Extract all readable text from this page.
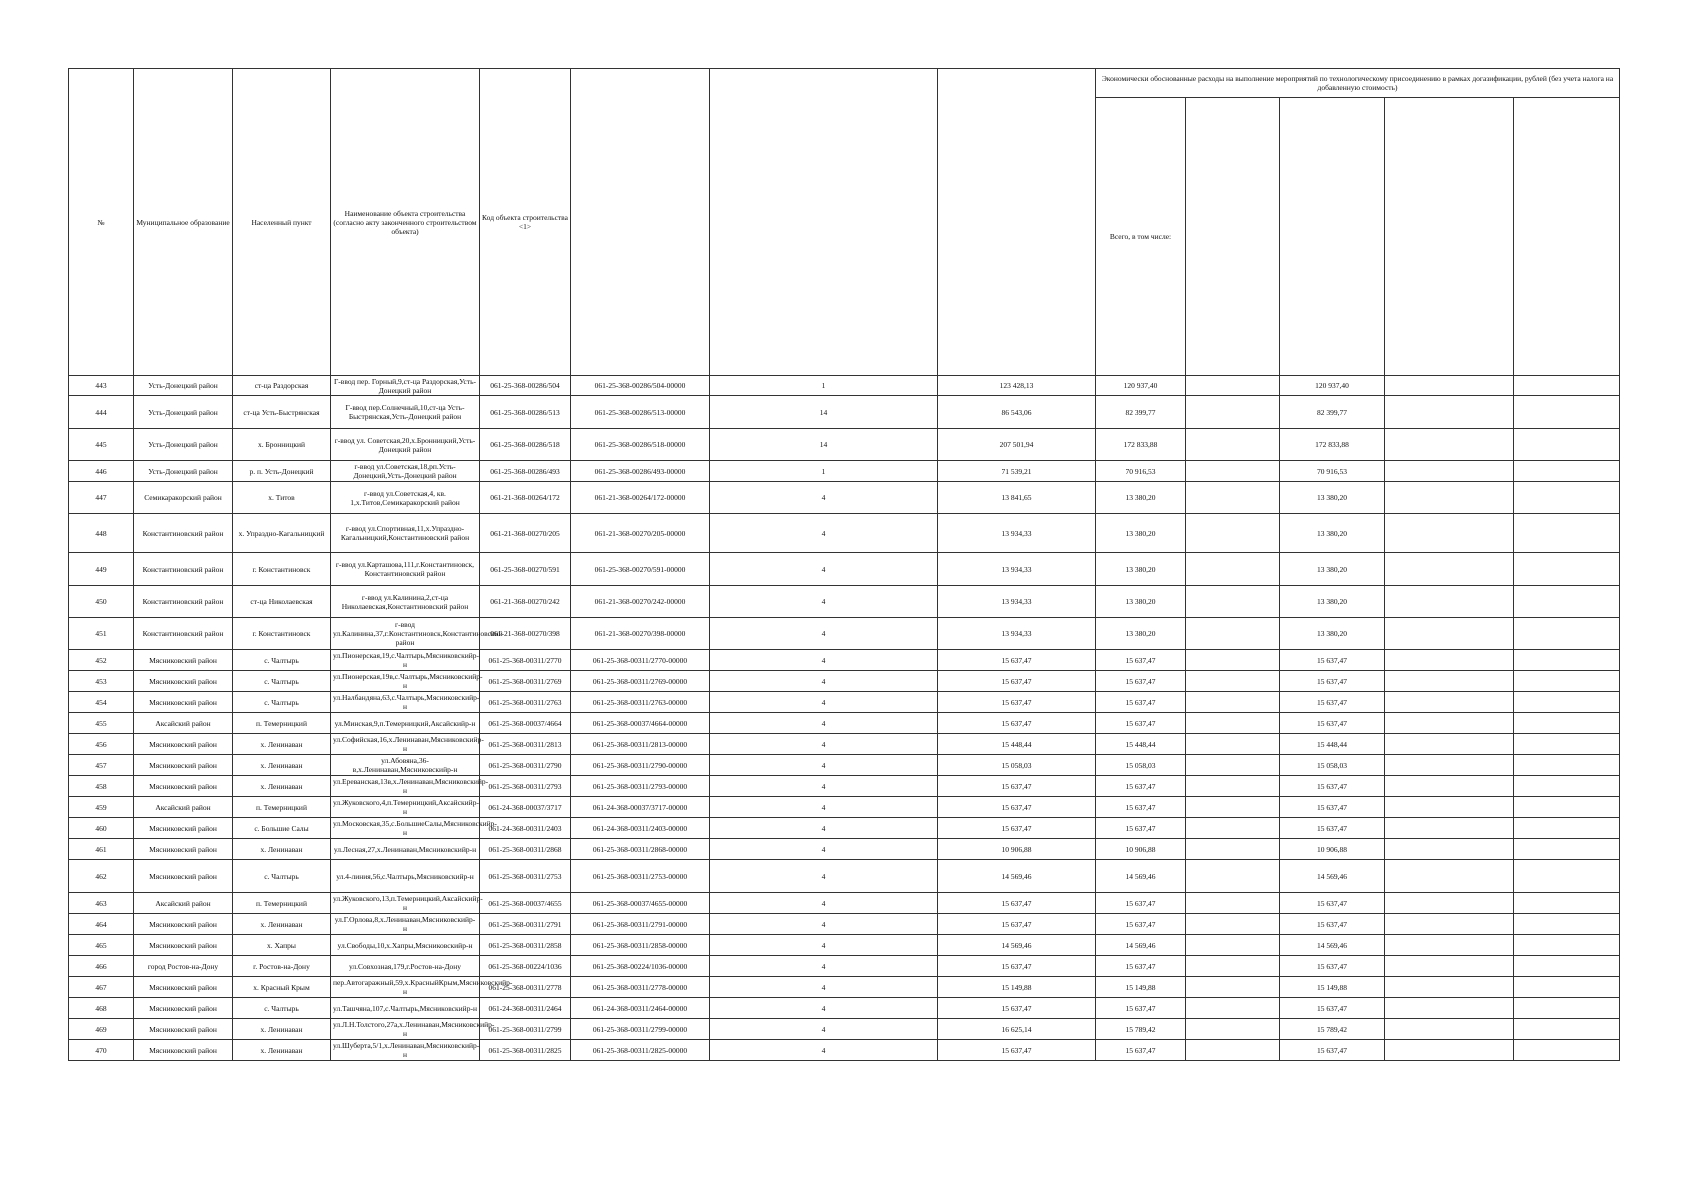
№	Муниципальное образование	Населенный пункт	Наименование объекта строительства (согласно акту законченного строительством объекта)	Код объекта строительства <1>				Экономически обоснованные расходы на выполнение мероприятий по технологическому присоединению в рамках догазификации, рублей (без учета налога на добавленную стоимость)				
								Всего, в том числе:				
443	Усть-Донецкий район	ст-ца Раздорская	Г-ввод пер. Горный,9,ст-ца Раздорская,Усть-Донецкий район	061-25-368-00286/504	061-25-368-00286/504-00000	1	123 428,13	120 937,40		120 937,40		
444	Усть-Донецкий район	ст-ца Усть-Быстрянская	Г-ввод пер.Солнечный,10,ст-ца Усть-Быстрянская,Усть-Донецкий район	061-25-368-00286/513	061-25-368-00286/513-00000	14	86 543,06	82 399,77		82 399,77		
445	Усть-Донецкий район	х. Бронницкий	г-ввод ул. Советская,20,х.Бронницкий,Усть-Донецкий район	061-25-368-00286/518	061-25-368-00286/518-00000	14	207 501,94	172 833,88		172 833,88		
446	Усть-Донецкий район	р. п. Усть-Донецкий	г-ввод ул.Советская,18,рп.Усть-Донецкий,Усть-Донецкий район	061-25-368-00286/493	061-25-368-00286/493-00000	1	71 539,21	70 916,53		70 916,53		
447	Семикаракорский район	х. Титов	г-ввод ул.Советская,4, кв. 1,х.Титов,Семикаракорский район	061-21-368-00264/172	061-21-368-00264/172-00000	4	13 841,65	13 380,20		13 380,20		
448	Константиновский район	х. Упраздно-Кагальницкий	г-ввод ул.Спортивная,11,х.Упраздно-Кагальницкий,Константиновский район	061-21-368-00270/205	061-21-368-00270/205-00000	4	13 934,33	13 380,20		13 380,20		
449	Константиновский район	г. Константиновск	г-ввод ул.Карташова,111,г.Константиновск, Константиновский район	061-25-368-00270/591	061-25-368-00270/591-00000	4	13 934,33	13 380,20		13 380,20		
450	Константиновский район	ст-ца Николаевская	г-ввод ул.Калинина,2,ст-ца Николаевская,Константиновский район	061-21-368-00270/242	061-21-368-00270/242-00000	4	13 934,33	13 380,20		13 380,20		
451	Константиновский район	г. Константиновск	г-ввод ул.Калинина,37,г.Константиновск,Константиновский район	061-21-368-00270/398	061-21-368-00270/398-00000	4	13 934,33	13 380,20		13 380,20		
452	Мясниковский район	с. Чалтырь	ул.Пионерская,19,с.Чалтырь,Мясниковскийр-н	061-25-368-00311/2770	061-25-368-00311/2770-00000	4	15 637,47	15 637,47		15 637,47		
453	Мясниковский район	с. Чалтырь	ул.Пионерская,19в,с.Чалтырь,Мясниковскийр-н	061-25-368-00311/2769	061-25-368-00311/2769-00000	4	15 637,47	15 637,47		15 637,47		
454	Мясниковский район	с. Чалтырь	ул.Налбандяна,63,с.Чалтырь,Мясниковскийр-н	061-25-368-00311/2763	061-25-368-00311/2763-00000	4	15 637,47	15 637,47		15 637,47		
455	Аксайский район	п. Темерницкий	ул.Минская,9,п.Темерницкий,Аксайскийр-н	061-25-368-00037/4664	061-25-368-00037/4664-00000	4	15 637,47	15 637,47		15 637,47		
456	Мясниковский район	х. Ленинаван	ул.Софийская,16,х.Ленинаван,Мясниковскийр-н	061-25-368-00311/2813	061-25-368-00311/2813-00000	4	15 448,44	15 448,44		15 448,44		
457	Мясниковский район	х. Ленинаван	ул.Абовяна,36-в,х.Ленинаван,Мясниковскийр-н	061-25-368-00311/2790	061-25-368-00311/2790-00000	4	15 058,03	15 058,03		15 058,03		
458	Мясниковский район	х. Ленинаван	ул.Ереванская,13в,х.Ленинаван,Мясниковскийр-н	061-25-368-00311/2793	061-25-368-00311/2793-00000	4	15 637,47	15 637,47		15 637,47		
459	Аксайский район	п. Темерницкий	ул.Жуковского,4,п.Темерницкий,Аксайскийр-н	061-24-368-00037/3717	061-24-368-00037/3717-00000	4	15 637,47	15 637,47		15 637,47		
460	Мясниковский район	с. Большие Салы	ул.Московская,35,с.БольшиеСалы,Мясниковскийр-н	061-24-368-00311/2403	061-24-368-00311/2403-00000	4	15 637,47	15 637,47		15 637,47		
461	Мясниковский район	х. Ленинаван	ул.Лесная,27,х.Ленинаван,Мясниковскийр-н	061-25-368-00311/2868	061-25-368-00311/2868-00000	4	10 906,88	10 906,88		10 906,88		
462	Мясниковский район	с. Чалтырь	ул.4-линия,56,с.Чалтырь,Мясниковскийр-н	061-25-368-00311/2753	061-25-368-00311/2753-00000	4	14 569,46	14 569,46		14 569,46		
463	Аксайский район	п. Темерницкий	ул.Жуковского,13,п.Темерницкий,Аксайскийр-н	061-25-368-00037/4655	061-25-368-00037/4655-00000	4	15 637,47	15 637,47		15 637,47		
464	Мясниковский район	х. Ленинаван	ул.Г.Орлова,8,х.Ленинаван,Мясниковскийр-н	061-25-368-00311/2791	061-25-368-00311/2791-00000	4	15 637,47	15 637,47		15 637,47		
465	Мясниковский район	х. Хапры	ул.Свободы,10,х.Хапры,Мясниковскийр-н	061-25-368-00311/2858	061-25-368-00311/2858-00000	4	14 569,46	14 569,46		14 569,46		
466	город Ростов-на-Дону	г. Ростов-на-Дону	ул.Совхозная,179,г.Ростов-на-Дону	061-25-368-00224/1036	061-25-368-00224/1036-00000	4	15 637,47	15 637,47		15 637,47		
467	Мясниковский район	х. Красный Крым	пер.Автогаражный,59,х.КрасныйКрым,Мясниковскийр-н	061-25-368-00311/2778	061-25-368-00311/2778-00000	4	15 149,88	15 149,88		15 149,88		
468	Мясниковский район	с. Чалтырь	ул.Ташчяна,107,с.Чалтырь,Мясниковскийр-н	061-24-368-00311/2464	061-24-368-00311/2464-00000	4	15 637,47	15 637,47		15 637,47		
469	Мясниковский район	х. Ленинаван	ул.Л.Н.Толстого,27а,х.Ленинаван,Мясниковскийр-н	061-25-368-00311/2799	061-25-368-00311/2799-00000	4	16 625,14	15 789,42		15 789,42		
470	Мясниковский район	х. Ленинаван	ул.Шуберта,5/1,х.Ленинаван,Мясниковскийр-н	061-25-368-00311/2825	061-25-368-00311/2825-00000	4	15 637,47	15 637,47		15 637,47		
